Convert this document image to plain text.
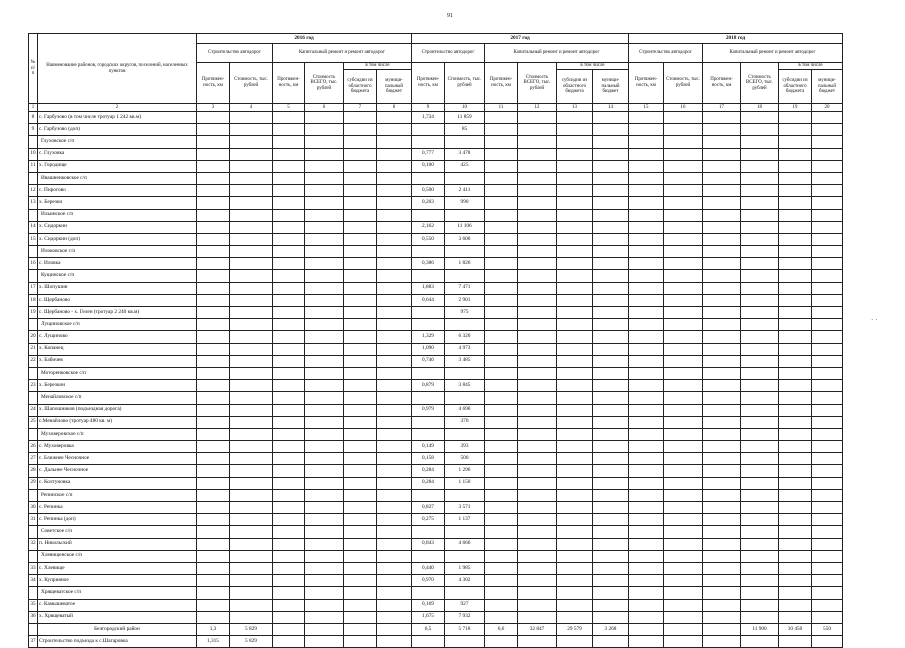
91
· ·
№ п/п	Наименование районов, городских округов, поселений, населенных пунктов	2016 год						2017 год						2018 год					
		Строительство автодорог		Капитальный ремонт и ремонт автодорог				Строительство автодорог		Капитальный ремонт и ремонт автодорог				Строительство автодорог		Капитальный ремонт и ремонт автодорог			
		Протяжен-ность, км	Стоимость, тыс. рублей	Протяжен-ность, км	Стоимость ВСЕГО, тыс. рублей	в том числе		Протяжен-ность, км	Стоимость, тыс. рублей	Протяжен-ность, км	Стоимость ВСЕГО, тыс. рублей	в том числе		Протяжен-ность, км	Стоимость, тыс. рублей	Протяжен-ность, км	Стоимость ВСЕГО, тыс. рублей	в том числе	
						субсидии из областного бюджета	муници-пальный бюджет					субсидии из областного бюджета	муници-пальный бюджет					субсидии из областного бюджета	муници-пальный бюджет
1	2	3	4	5	6	7	8	9	10	11	12	13	14	15	16	17	18	19	20
8	с. Гарбузово (в том числе тротуар 1 242 кв.м)							1,734	11 859										
9	с. Гарбузово (доп)								85										
	Глуховское с/п																		
10	с. Глуховка							0,777	3 478										
11	х. Городище							0,100	425										
	Ивашненковское с/п																		
12	с. Пирогово							0,500	2 411										
13	х. Березки							0,203	990										
	Ильинское с/п																		
14	х. Сидоркин							2,162	11 106										
15	х. Сидоркин (доп)							0,550	3 606										
	Илоковское с/п																		
16	с. Иловка							0,386	1 826										
	Кущинское с/п																		
17	х. Шопушин							1,883	7 471										
18	с. Щербаново							0,644	2 901										
19	с. Щербаново - х. Гелен (тротуар 2 240 кв.м)								975										
	Лущиновское с/п																		
20	с. Лущиново							1,329	6 320										
21	х. Копанец							1,090	4 973										
22	х. Бабичев							0,746	3 485										
	Моторенковское с/п																		
23	х. Березкин							0,879	3 845										
	Менайловское с/п																		
24	х. Шапошников (подъездная дорога)							0,979	4 696										
25	с.Менайлово (тротуар 480 кв. м)								370										
	Муховеровское с/п																		
26	с. Муховеровка							0,149	393										
27	с. Ближнее Чесночное							0,158	500										
28	с. Дальнее Чесночное							0,284	1 296										
29	с. Колтуновка							0,284	1 150										
	Репинское с/п																		
30	с. Репинка							0,827	3 571										
31	с. Репинка (доп)							0,275	1 137										
	Советское с/п																		
32	п. Никольский							0,843	4 666										
	Хлевищенское с/п																		
33	с. Хлевище							0,440	1 985										
34	х. Куприяное							0,970	4 302										
	Хрящеватское с/п																		
35	с. Камышеватое							0,169	927										
36	х. Хрящеватый							1,675	7 932										
	Белгородский район	1,3	5 829					6,5	5 718	6,6	32 847	29 579	3 268				11 900	10 450	550
37	Строительство подъезда к с.Шагаровка	1,315	5 829																
